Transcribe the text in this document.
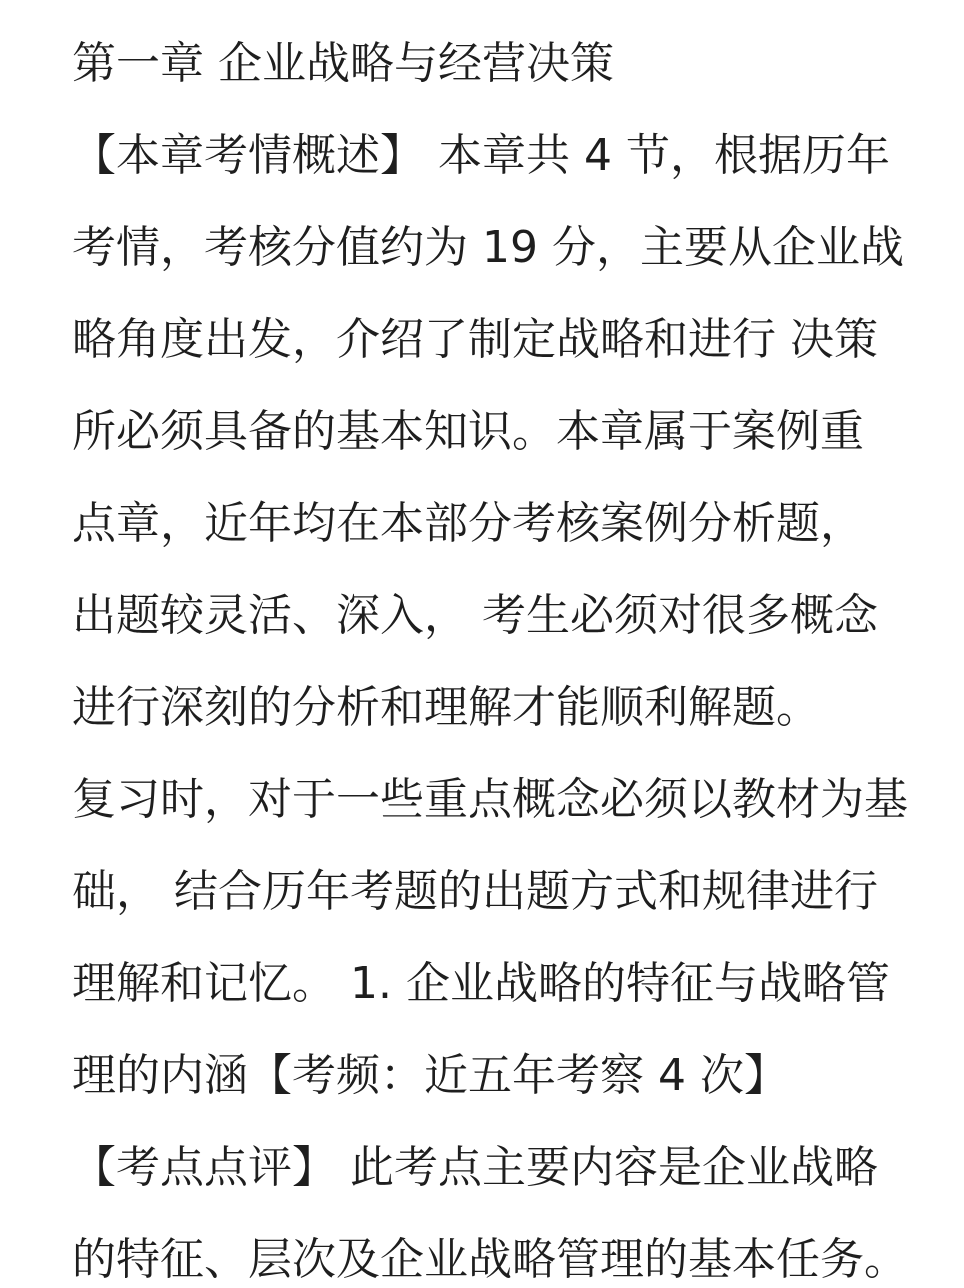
第一章 企业战略与经营决策
【本章考情概述】 本章共 4 节，根据历年
考情，考核分值约为 19 分，主要从企业战
略角度出发，介绍了制定战略和进行 决策
所必须具备的基本知识。本章属于案例重
点章，近年均在本部分考核案例分析题，
出题较灵活、深入， 考生必须对很多概念
进行深刻的分析和理解才能顺利解题。
复习时，对于一些重点概念必须以教材为基
础， 结合历年考题的出题方式和规律进行
理解和记忆。 1. 企业战略的特征与战略管
理的内涵【考频：近五年考察 4 次】
【考点点评】 此考点主要内容是企业战略
的特征、层次及企业战略管理的基本任务。
